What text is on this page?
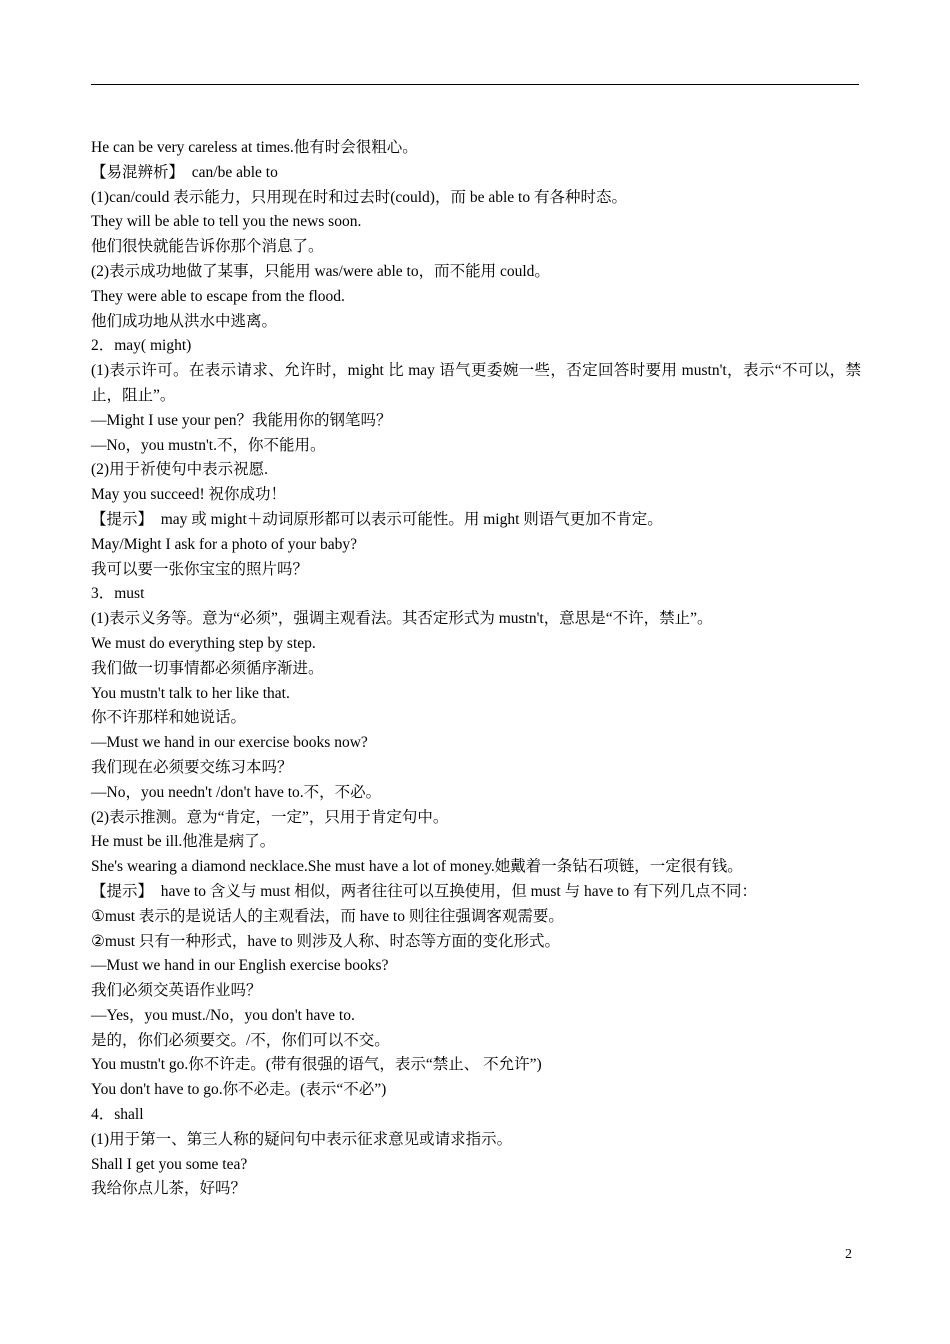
He can be very careless at times.他有时会很粗心。
【易混辨析】　can/be able to
(1)can/could 表示能力，只用现在时和过去时(could)，而 be able to 有各种时态。
They will be able to tell you the news soon.
他们很快就能告诉你那个消息了。
(2)表示成功地做了某事，只能用 was/were able to，而不能用 could。
They were able to escape from the flood.
他们成功地从洪水中逃离。
2．may( might)
(1)表示许可。在表示请求、允许时，might 比 may 语气更委婉一些，否定回答时要用 mustn't，表示“不可以，禁止，阻止”。
—Might I use your pen？我能用你的钢笔吗？
—No，you mustn't.不，你不能用。
(2)用于祈使句中表示祝愿.
May you succeed! 祝你成功！
【提示】　may 或 might＋动词原形都可以表示可能性。用 might 则语气更加不肯定。
May/Might I ask for a photo of your baby?
我可以要一张你宝宝的照片吗？
3．must
(1)表示义务等。意为“必须”，强调主观看法。其否定形式为 mustn't，意思是“不许，禁止”。
We must do everything step by step.
我们做一切事情都必须循序渐进。
You mustn't talk to her like that.
你不许那样和她说话。
—Must we hand in our exercise books now?
我们现在必须要交练习本吗？
—No，you needn't /don't have to.不，不必。
(2)表示推测。意为“肯定，一定”，只用于肯定句中。
He must be ill.他准是病了。
She's wearing a diamond necklace.She must have a lot of money.她戴着一条钻石项链，一定很有钱。
【提示】　have to 含义与 must 相似，两者往往可以互换使用，但 must 与 have to 有下列几点不同：
①must 表示的是说话人的主观看法，而 have to 则往往强调客观需要。
②must 只有一种形式，have to 则涉及人称、时态等方面的变化形式。
—Must we hand in our English exercise books?
我们必须交英语作业吗？
—Yes，you must./No，you don't have to.
是的，你们必须要交。/不，你们可以不交。
You mustn't go.你不许走。(带有很强的语气，表示“禁止、 不允许”)
You don't have to go.你不必走。(表示“不必”)
4．shall
(1)用于第一、第三人称的疑问句中表示征求意见或请求指示。
Shall I get you some tea?
我给你点儿茶，好吗？
2
